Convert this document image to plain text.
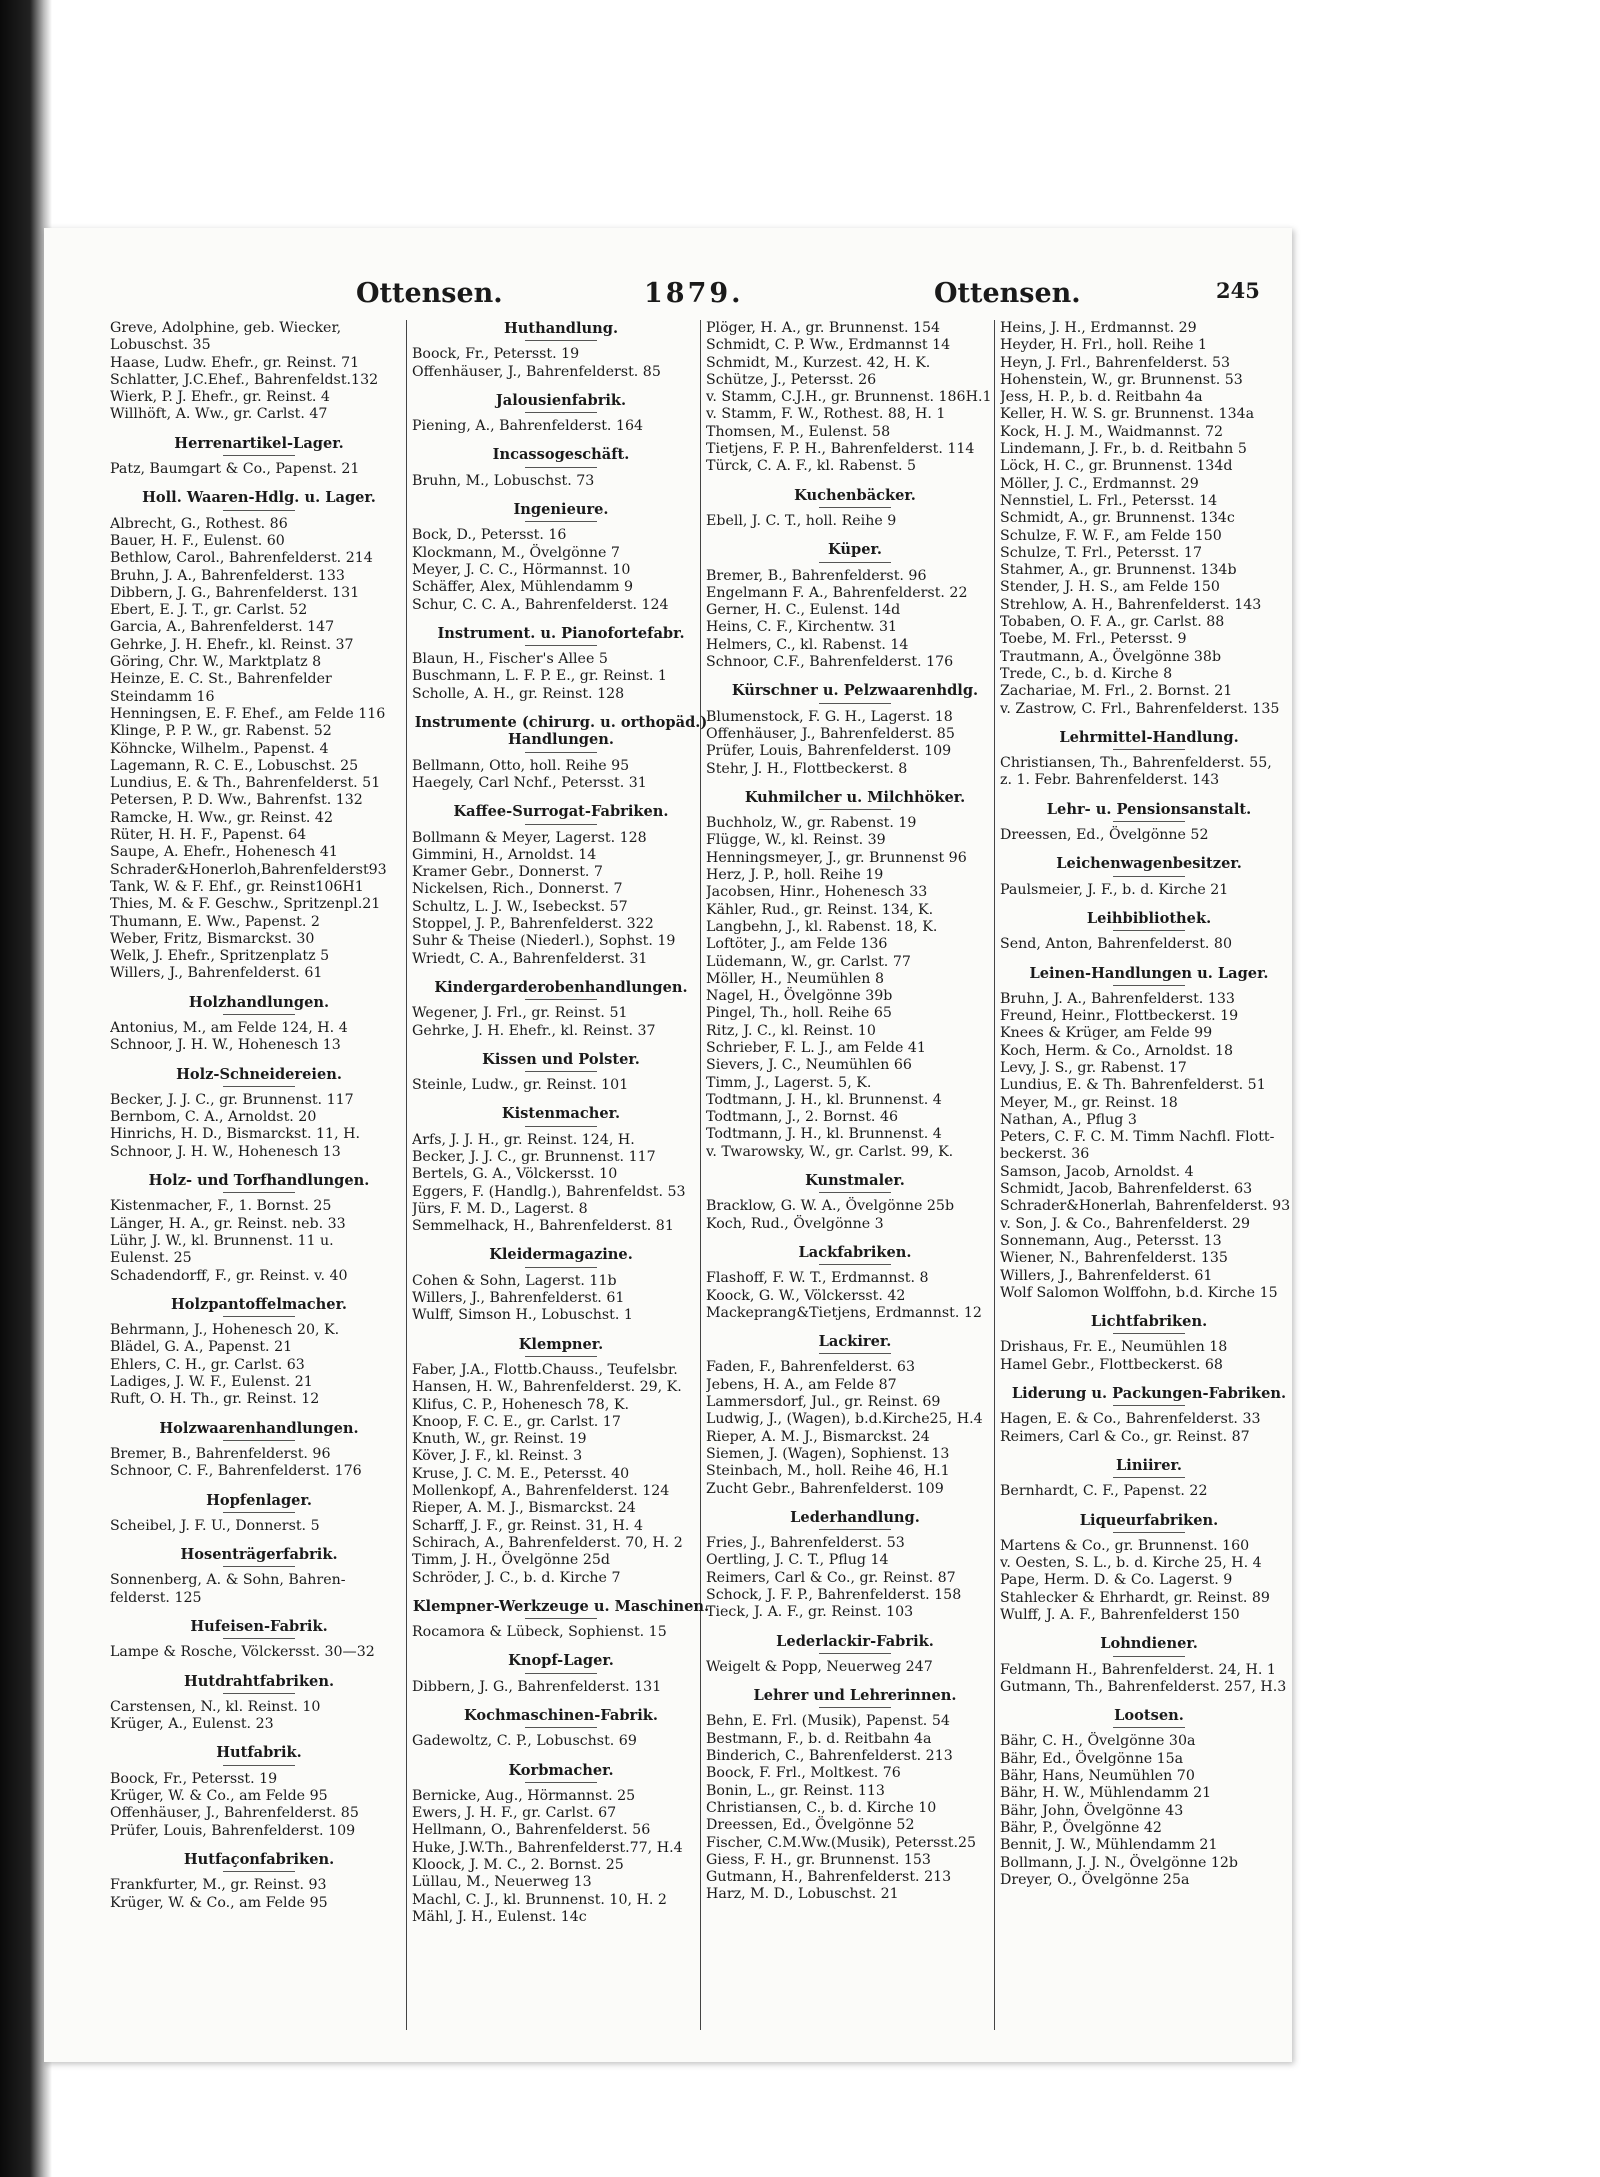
Ottensen.	1879.	Ottensen.	245
Greve, Adolphine, geb. Wiecker,
Lobuschst. 35
Haase, Ludw. Ehefr., gr. Reinst. 71
Schlatter, J.C.Ehef., Bahrenfeldst.132
Wierk, P. J. Ehefr., gr. Reinst. 4
Willhöft, A. Ww., gr. Carlst. 47
Herrenartikel-Lager.
Patz, Baumgart & Co., Papenst. 21
Holl. Waaren-Hdlg. u. Lager.
Albrecht, G., Rothest. 86
Bauer, H. F., Eulenst. 60
Bethlow, Carol., Bahrenfelderst. 214
Bruhn, J. A., Bahrenfelderst. 133
Dibbern, J. G., Bahrenfelderst. 131
Ebert, E. J. T., gr. Carlst. 52
Garcia, A., Bahrenfelderst. 147
Gehrke, J. H. Ehefr., kl. Reinst. 37
Göring, Chr. W., Marktplatz 8
Heinze, E. C. St., Bahrenfelder
Steindamm 16
Henningsen, E. F. Ehef., am Felde 116
Klinge, P. P. W., gr. Rabenst. 52
Köhncke, Wilhelm., Papenst. 4
Lagemann, R. C. E., Lobuschst. 25
Lundius, E. & Th., Bahrenfelderst. 51
Petersen, P. D. Ww., Bahrenfst. 132
Ramcke, H. Ww., gr. Reinst. 42
Rüter, H. H. F., Papenst. 64
Saupe, A. Ehefr., Hohenesch 41
Schrader&Honerloh,Bahrenfelderst93
Tank, W. & F. Ehf., gr. Reinst106H1
Thies, M. & F. Geschw., Spritzenpl.21
Thumann, E. Ww., Papenst. 2
Weber, Fritz, Bismarckst. 30
Welk, J. Ehefr., Spritzenplatz 5
Willers, J., Bahrenfelderst. 61
Holzhandlungen.
Antonius, M., am Felde 124, H. 4
Schnoor, J. H. W., Hohenesch 13
Holz-Schneidereien.
Becker, J. J. C., gr. Brunnenst. 117
Bernbom, C. A., Arnoldst. 20
Hinrichs, H. D., Bismarckst. 11, H.
Schnoor, J. H. W., Hohenesch 13
Holz- und Torfhandlungen.
Kistenmacher, F., 1. Bornst. 25
Länger, H. A., gr. Reinst. neb. 33
Lühr, J. W., kl. Brunnenst. 11 u.
Eulenst. 25
Schadendorff, F., gr. Reinst. v. 40
Holzpantoffelmacher.
Behrmann, J., Hohenesch 20, K.
Blädel, G. A., Papenst. 21
Ehlers, C. H., gr. Carlst. 63
Ladiges, J. W. F., Eulenst. 21
Ruft, O. H. Th., gr. Reinst. 12
Holzwaarenhandlungen.
Bremer, B., Bahrenfelderst. 96
Schnoor, C. F., Bahrenfelderst. 176
Hopfenlager.
Scheibel, J. F. U., Donnerst. 5
Hosenträgerfabrik.
Sonnenberg, A. & Sohn, Bahren-
felderst. 125
Hufeisen-Fabrik.
Lampe & Rosche, Völckersst. 30—32
Hutdrahtfabriken.
Carstensen, N., kl. Reinst. 10
Krüger, A., Eulenst. 23
Hutfabrik.
Boock, Fr., Petersst. 19
Krüger, W. & Co., am Felde 95
Offenhäuser, J., Bahrenfelderst. 85
Prüfer, Louis, Bahrenfelderst. 109
Hutfaçonfabriken.
Frankfurter, M., gr. Reinst. 93
Krüger, W. & Co., am Felde 95
Huthandlung.
Boock, Fr., Petersst. 19
Offenhäuser, J., Bahrenfelderst. 85
Jalousienfabrik.
Piening, A., Bahrenfelderst. 164
Incassogeschäft.
Bruhn, M., Lobuschst. 73
Ingenieure.
Bock, D., Petersst. 16
Klockmann, M., Övelgönne 7
Meyer, J. C. C., Hörmannst. 10
Schäffer, Alex, Mühlendamm 9
Schur, C. C. A., Bahrenfelderst. 124
Instrument. u. Pianofortefabr.
Blaun, H., Fischer's Allee 5
Buschmann, L. F. P. E., gr. Reinst. 1
Scholle, A. H., gr. Reinst. 128
Instrumente (chirurg. u. orthopäd.) Handlungen.
Bellmann, Otto, holl. Reihe 95
Haegely, Carl Nchf., Petersst. 31
Kaffee-Surrogat-Fabriken.
Bollmann & Meyer, Lagerst. 128
Gimmini, H., Arnoldst. 14
Kramer Gebr., Donnerst. 7
Nickelsen, Rich., Donnerst. 7
Schultz, L. J. W., Isebeckst. 57
Stoppel, J. P., Bahrenfelderst. 322
Suhr & Theise (Niederl.), Sophst. 19
Wriedt, C. A., Bahrenfelderst. 31
Kindergarderobenhandlungen.
Wegener, J. Frl., gr. Reinst. 51
Gehrke, J. H. Ehefr., kl. Reinst. 37
Kissen und Polster.
Steinle, Ludw., gr. Reinst. 101
Kistenmacher.
Arfs, J. J. H., gr. Reinst. 124, H.
Becker, J. J. C., gr. Brunnenst. 117
Bertels, G. A., Völckersst. 10
Eggers, F. (Handlg.), Bahrenfeldst. 53
Jürs, F. M. D., Lagerst. 8
Semmelhack, H., Bahrenfelderst. 81
Kleidermagazine.
Cohen & Sohn, Lagerst. 11b
Willers, J., Bahrenfelderst. 61
Wulff, Simson H., Lobuschst. 1
Klempner.
Faber, J.A., Flottb.Chauss., Teufelsbr.
Hansen, H. W., Bahrenfelderst. 29, K.
Klifus, C. P., Hohenesch 78, K.
Knoop, F. C. E., gr. Carlst. 17
Knuth, W., gr. Reinst. 19
Köver, J. F., kl. Reinst. 3
Kruse, J. C. M. E., Petersst. 40
Mollenkopf, A., Bahrenfelderst. 124
Rieper, A. M. J., Bismarckst. 24
Scharff, J. F., gr. Reinst. 31, H. 4
Schirach, A., Bahrenfelderst. 70, H. 2
Timm, J. H., Övelgönne 25d
Schröder, J. C., b. d. Kirche 7
Klempner-Werkzeuge u. Maschinen.
Rocamora & Lübeck, Sophienst. 15
Knopf-Lager.
Dibbern, J. G., Bahrenfelderst. 131
Kochmaschinen-Fabrik.
Gadewoltz, C. P., Lobuschst. 69
Korbmacher.
Bernicke, Aug., Hörmannst. 25
Ewers, J. H. F., gr. Carlst. 67
Hellmann, O., Bahrenfelderst. 56
Huke, J.W.Th., Bahrenfelderst.77, H.4
Kloock, J. M. C., 2. Bornst. 25
Lüllau, M., Neuerweg 13
Machl, C. J., kl. Brunnenst. 10, H. 2
Mähl, J. H., Eulenst. 14c
Plöger, H. A., gr. Brunnenst. 154
Schmidt, C. P. Ww., Erdmannst 14
Schmidt, M., Kurzest. 42, H. K.
Schütze, J., Petersst. 26
v. Stamm, C.J.H., gr. Brunnenst. 186H.1
v. Stamm, F. W., Rothest. 88, H. 1
Thomsen, M., Eulenst. 58
Tietjens, F. P. H., Bahrenfelderst. 114
Türck, C. A. F., kl. Rabenst. 5
Kuchenbäcker.
Ebell, J. C. T., holl. Reihe 9
Küper.
Bremer, B., Bahrenfelderst. 96
Engelmann F. A., Bahrenfelderst. 22
Gerner, H. C., Eulenst. 14d
Heins, C. F., Kirchentw. 31
Helmers, C., kl. Rabenst. 14
Schnoor, C.F., Bahrenfelderst. 176
Kürschner u. Pelzwaarenhdlg.
Blumenstock, F. G. H., Lagerst. 18
Offenhäuser, J., Bahrenfelderst. 85
Prüfer, Louis, Bahrenfelderst. 109
Stehr, J. H., Flottbeckerst. 8
Kuhmilcher u. Milchhöker.
Buchholz, W., gr. Rabenst. 19
Flügge, W., kl. Reinst. 39
Henningsmeyer, J., gr. Brunnenst 96
Herz, J. P., holl. Reihe 19
Jacobsen, Hinr., Hohenesch 33
Kähler, Rud., gr. Reinst. 134, K.
Langbehn, J., kl. Rabenst. 18, K.
Loftöter, J., am Felde 136
Lüdemann, W., gr. Carlst. 77
Möller, H., Neumühlen 8
Nagel, H., Övelgönne 39b
Pingel, Th., holl. Reihe 65
Ritz, J. C., kl. Reinst. 10
Schrieber, F. L. J., am Felde 41
Sievers, J. C., Neumühlen 66
Timm, J., Lagerst. 5, K.
Todtmann, J. H., kl. Brunnenst. 4
Todtmann, J., 2. Bornst. 46
Todtmann, J. H., kl. Brunnenst. 4
v. Twarowsky, W., gr. Carlst. 99, K.
Kunstmaler.
Bracklow, G. W. A., Övelgönne 25b
Koch, Rud., Övelgönne 3
Lackfabriken.
Flashoff, F. W. T., Erdmannst. 8
Koock, G. W., Völckersst. 42
Mackeprang&Tietjens, Erdmannst. 12
Lackirer.
Faden, F., Bahrenfelderst. 63
Jebens, H. A., am Felde 87
Lammersdorf, Jul., gr. Reinst. 69
Ludwig, J., (Wagen), b.d.Kirche25, H.4
Rieper, A. M. J., Bismarckst. 24
Siemen, J. (Wagen), Sophienst. 13
Steinbach, M., holl. Reihe 46, H.1
Zucht Gebr., Bahrenfelderst. 109
Lederhandlung.
Fries, J., Bahrenfelderst. 53
Oertling, J. C. T., Pflug 14
Reimers, Carl & Co., gr. Reinst. 87
Schock, J. F. P., Bahrenfelderst. 158
Tieck, J. A. F., gr. Reinst. 103
Lederlackir-Fabrik.
Weigelt & Popp, Neuerweg 247
Lehrer und Lehrerinnen.
Behn, E. Frl. (Musik), Papenst. 54
Bestmann, F., b. d. Reitbahn 4a
Binderich, C., Bahrenfelderst. 213
Boock, F. Frl., Moltkest. 76
Bonin, L., gr. Reinst. 113
Christiansen, C., b. d. Kirche 10
Dreessen, Ed., Övelgönne 52
Fischer, C.M.Ww.(Musik), Petersst.25
Giess, F. H., gr. Brunnenst. 153
Gutmann, H., Bahrenfelderst. 213
Harz, M. D., Lobuschst. 21
Heins, J. H., Erdmannst. 29
Heyder, H. Frl., holl. Reihe 1
Heyn, J. Frl., Bahrenfelderst. 53
Hohenstein, W., gr. Brunnenst. 53
Jess, H. P., b. d. Reitbahn 4a
Keller, H. W. S. gr. Brunnenst. 134a
Kock, H. J. M., Waidmannst. 72
Lindemann, J. Fr., b. d. Reitbahn 5
Löck, H. C., gr. Brunnenst. 134d
Möller, J. C., Erdmannst. 29
Nennstiel, L. Frl., Petersst. 14
Schmidt, A., gr. Brunnenst. 134c
Schulze, F. W. F., am Felde 150
Schulze, T. Frl., Petersst. 17
Stahmer, A., gr. Brunnenst. 134b
Stender, J. H. S., am Felde 150
Strehlow, A. H., Bahrenfelderst. 143
Tobaben, O. F. A., gr. Carlst. 88
Toebe, M. Frl., Petersst. 9
Trautmann, A., Övelgönne 38b
Trede, C., b. d. Kirche 8
Zachariae, M. Frl., 2. Bornst. 21
v. Zastrow, C. Frl., Bahrenfelderst. 135
Lehrmittel-Handlung.
Christiansen, Th., Bahrenfelderst. 55,
z. 1. Febr. Bahrenfelderst. 143
Lehr- u. Pensionsanstalt.
Dreessen, Ed., Övelgönne 52
Leichenwagenbesitzer.
Paulsmeier, J. F., b. d. Kirche 21
Leihbibliothek.
Send, Anton, Bahrenfelderst. 80
Leinen-Handlungen u. Lager.
Bruhn, J. A., Bahrenfelderst. 133
Freund, Heinr., Flottbeckerst. 19
Knees & Krüger, am Felde 99
Koch, Herm. & Co., Arnoldst. 18
Levy, J. S., gr. Rabenst. 17
Lundius, E. & Th. Bahrenfelderst. 51
Meyer, M., gr. Reinst. 18
Nathan, A., Pflug 3
Peters, C. F. C. M. Timm Nachfl. Flott-
beckerst. 36
Samson, Jacob, Arnoldst. 4
Schmidt, Jacob, Bahrenfelderst. 63
Schrader&Honerlah, Bahrenfelderst. 93
v. Son, J. & Co., Bahrenfelderst. 29
Sonnemann, Aug., Petersst. 13
Wiener, N., Bahrenfelderst. 135
Willers, J., Bahrenfelderst. 61
Wolf Salomon Wolffohn, b.d. Kirche 15
Lichtfabriken.
Drishaus, Fr. E., Neumühlen 18
Hamel Gebr., Flottbeckerst. 68
Liderung u. Packungen-Fabriken.
Hagen, E. & Co., Bahrenfelderst. 33
Reimers, Carl & Co., gr. Reinst. 87
Liniirer.
Bernhardt, C. F., Papenst. 22
Liqueurfabriken.
Martens & Co., gr. Brunnenst. 160
v. Oesten, S. L., b. d. Kirche 25, H. 4
Pape, Herm. D. & Co. Lagerst. 9
Stahlecker & Ehrhardt, gr. Reinst. 89
Wulff, J. A. F., Bahrenfelderst 150
Lohndiener.
Feldmann H., Bahrenfelderst. 24, H. 1
Gutmann, Th., Bahrenfelderst. 257, H.3
Lootsen.
Bähr, C. H., Övelgönne 30a
Bähr, Ed., Övelgönne 15a
Bähr, Hans, Neumühlen 70
Bähr, H. W., Mühlendamm 21
Bähr, John, Övelgönne 43
Bähr, P., Övelgönne 42
Bennit, J. W., Mühlendamm 21
Bollmann, J. J. N., Övelgönne 12b
Dreyer, O., Övelgönne 25a
